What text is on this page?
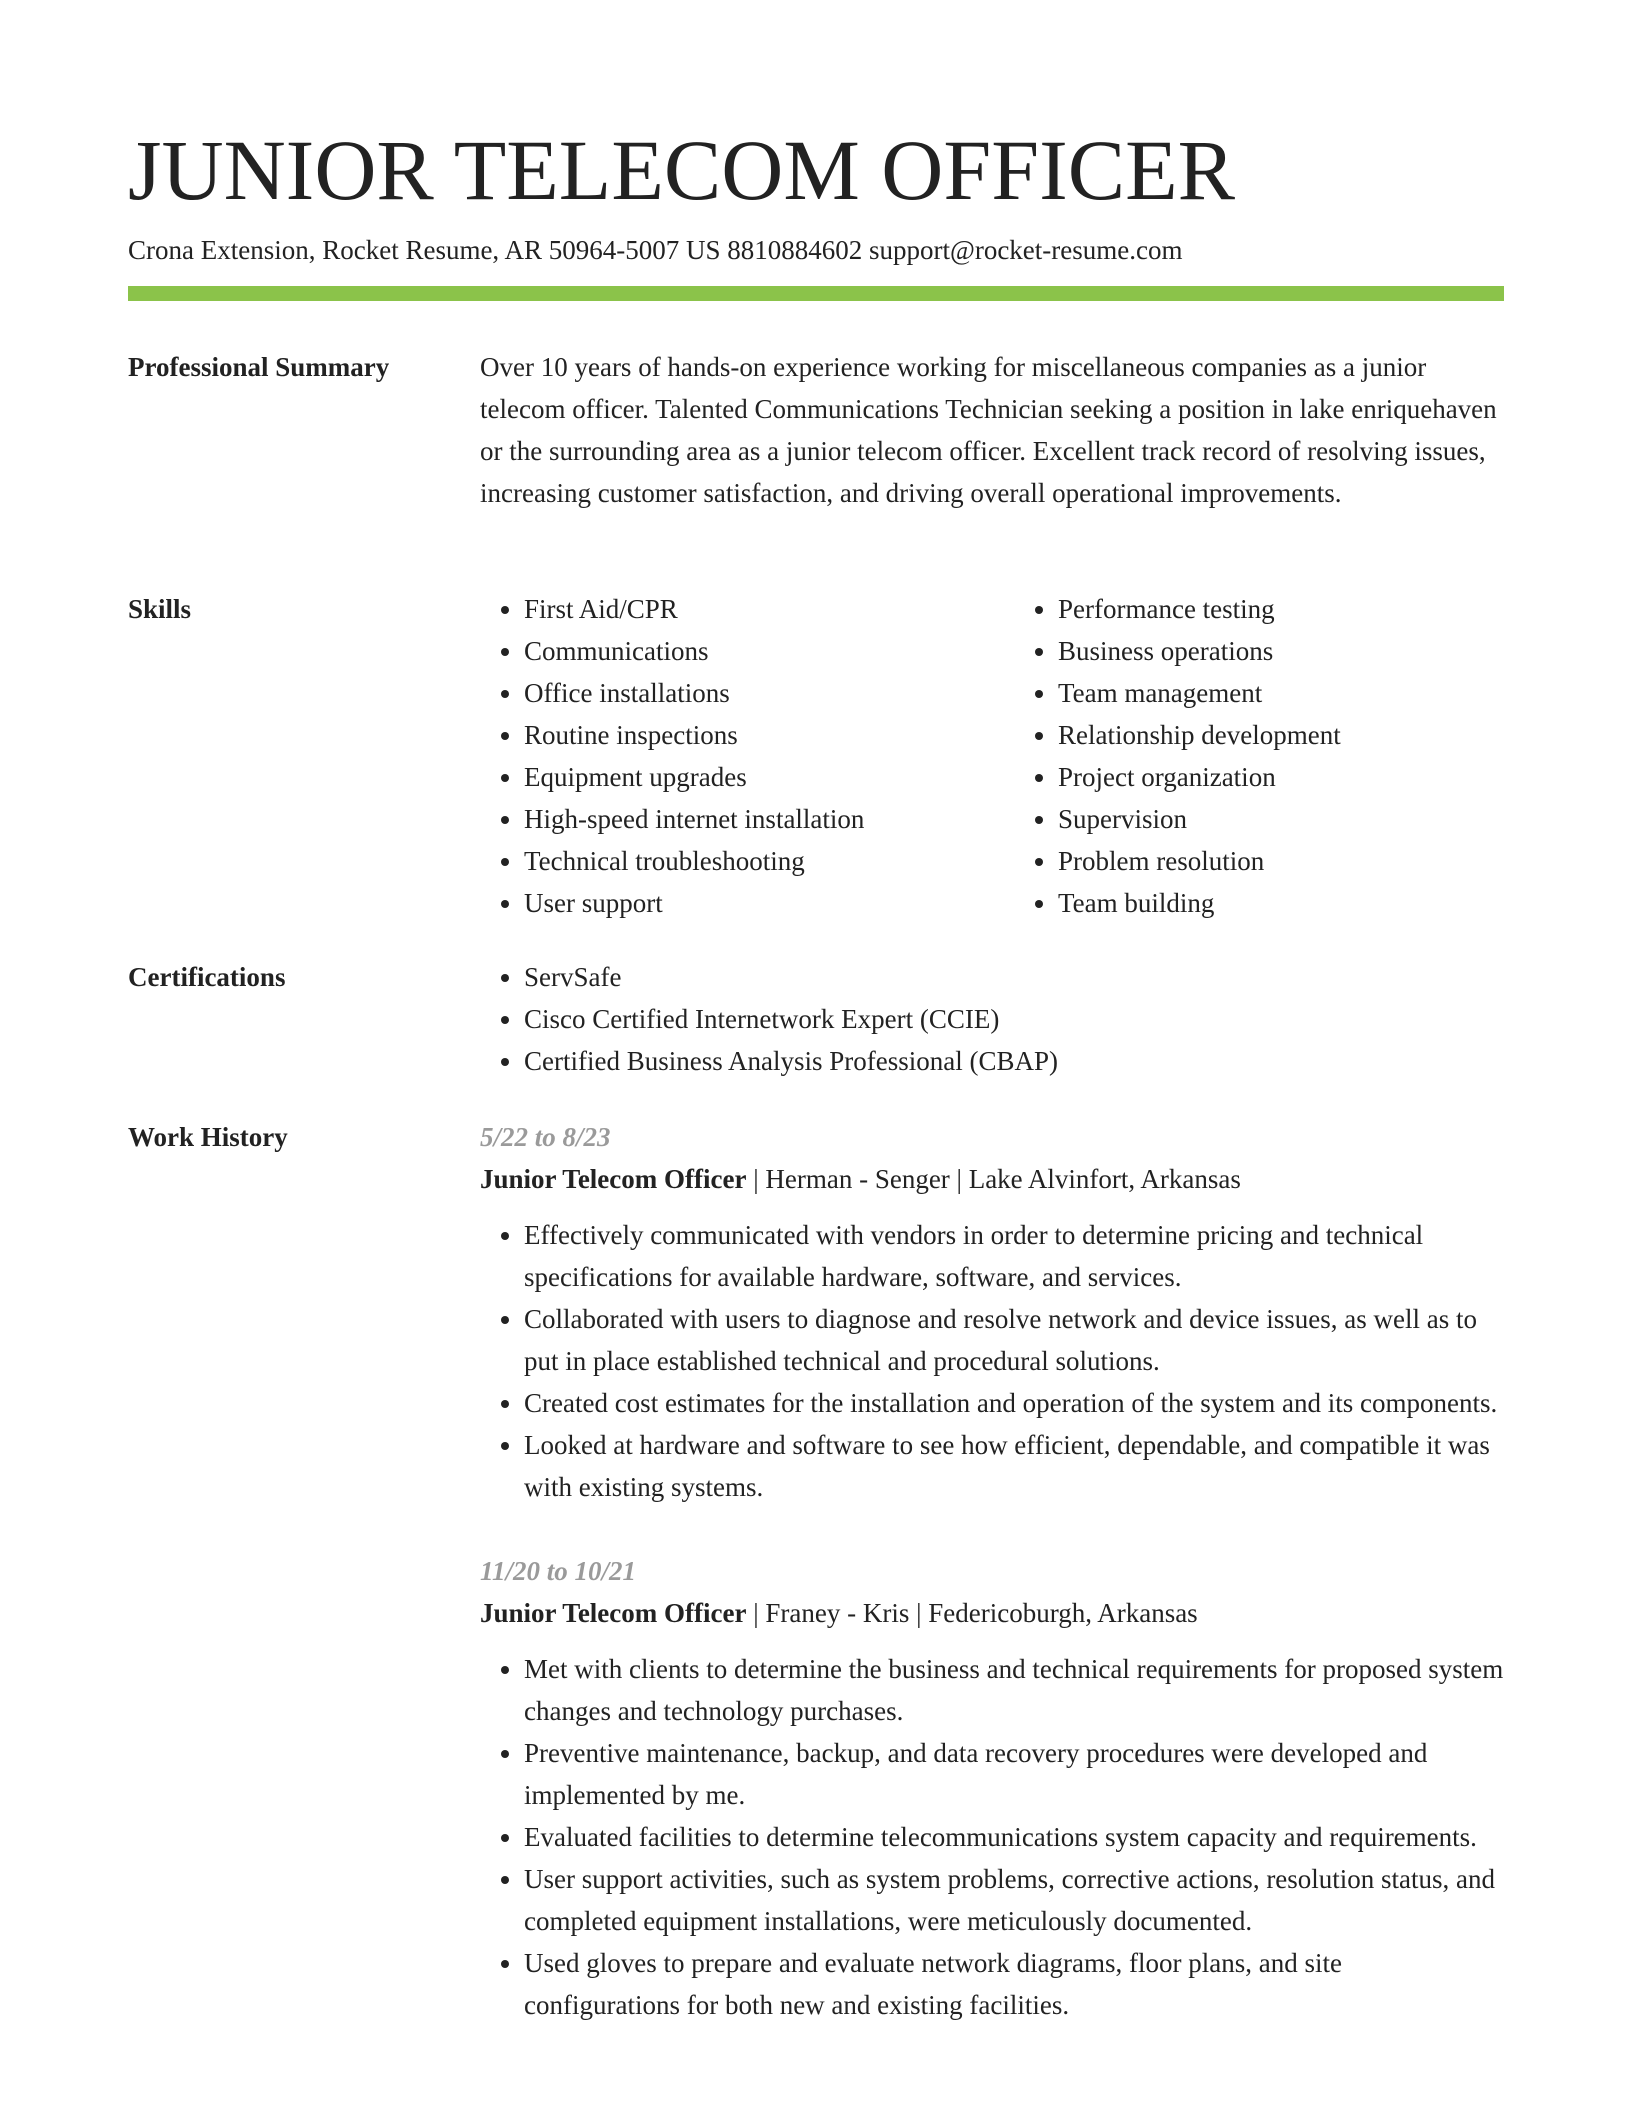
JUNIOR TELECOM OFFICER
Crona Extension, Rocket Resume, AR 50964-5007 US 8810884602 support@rocket-resume.com
Professional Summary	Over 10 years of hands-on experience working for miscellaneous companies as a junior telecom officer. Talented Communications Technician seeking a position in lake enriquehaven or the surrounding area as a junior telecom officer. Excellent track record of resolving issues, increasing customer satisfaction, and driving overall operational improvements.

Skills	• First Aid/CPR
• Communications
• Office installations
• Routine inspections
• Equipment upgrades
• High-speed internet installation
• Technical troubleshooting
• User support
• Performance testing
• Business operations
• Team management
• Relationship development
• Project organization
• Supervision
• Problem resolution
• Team building
Certifications	• ServSafe
• Cisco Certified Internetwork Expert (CCIE)
• Certified Business Analysis Professional (CBAP)
Work History	5/22 to 8/23
Junior Telecom Officer | Herman - Senger | Lake Alvinfort, Arkansas
• Effectively communicated with vendors in order to determine pricing and technical specifications for available hardware, software, and services.
• Collaborated with users to diagnose and resolve network and device issues, as well as to put in place established technical and procedural solutions.
• Created cost estimates for the installation and operation of the system and its components.
• Looked at hardware and software to see how efficient, dependable, and compatible it was with existing systems.
11/20 to 10/21
Junior Telecom Officer | Franey - Kris | Federicoburgh, Arkansas
• Met with clients to determine the business and technical requirements for proposed system changes and technology purchases.
• Preventive maintenance, backup, and data recovery procedures were developed and implemented by me.
• Evaluated facilities to determine telecommunications system capacity and requirements.
• User support activities, such as system problems, corrective actions, resolution status, and completed equipment installations, were meticulously documented.
• Used gloves to prepare and evaluate network diagrams, floor plans, and site configurations for both new and existing facilities.
